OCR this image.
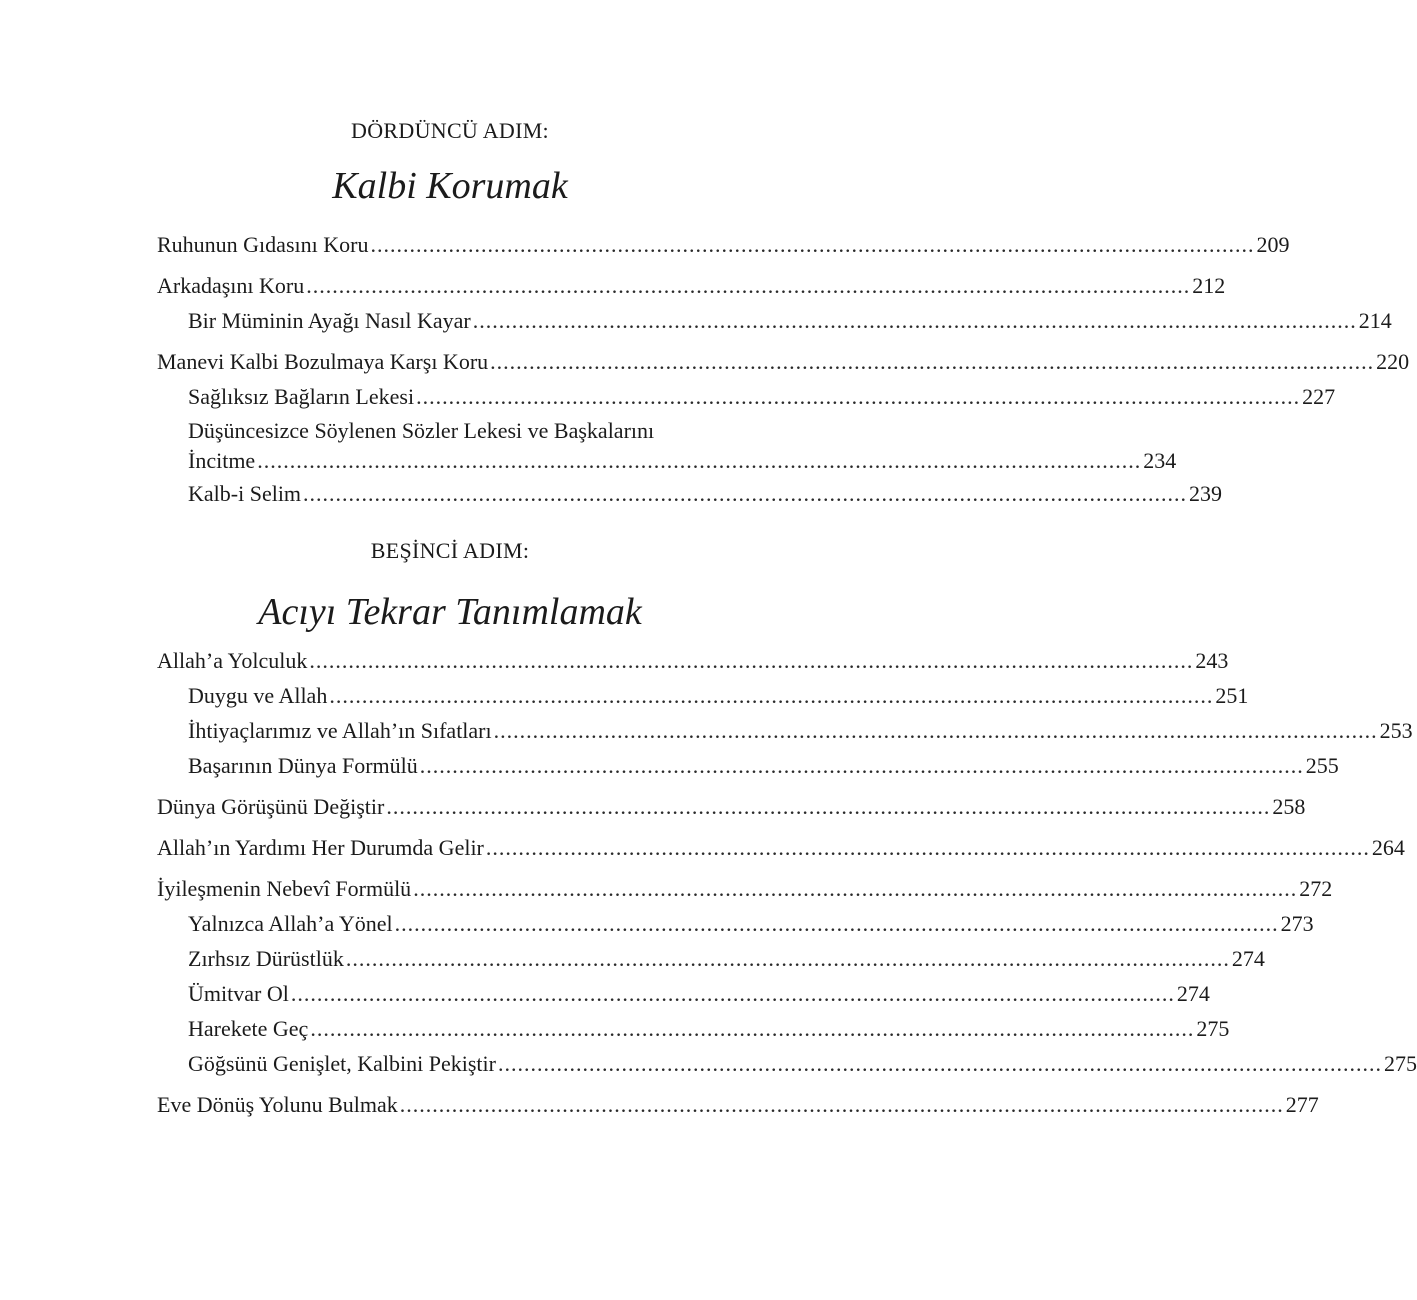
DÖRDÜNCÜ ADIM:
Kalbi Korumak
Ruhunun Gıdasını Koru ........................................................................................................................................ 209
Arkadaşını Koru ........................................................................................................................................ 212
Bir Müminin Ayağı Nasıl Kayar ........................................................................................................................................ 214
Manevi Kalbi Bozulmaya Karşı Koru ........................................................................................................................................ 220
Sağlıksız Bağların Lekesi ........................................................................................................................................ 227
Düşüncesizce Söylenen Sözler Lekesi ve Başkalarını
İncitme ........................................................................................................................................ 234
Kalb-i Selim ........................................................................................................................................ 239
BEŞİNCİ ADIM:
Acıyı Tekrar Tanımlamak
Allah’a Yolculuk ........................................................................................................................................ 243
Duygu ve Allah ........................................................................................................................................ 251
İhtiyaçlarımız ve Allah’ın Sıfatları ........................................................................................................................................ 253
Başarının Dünya Formülü ........................................................................................................................................ 255
Dünya Görüşünü Değiştir ........................................................................................................................................ 258
Allah’ın Yardımı Her Durumda Gelir ........................................................................................................................................ 264
İyileşmenin Nebevî Formülü ........................................................................................................................................ 272
Yalnızca Allah’a Yönel ........................................................................................................................................ 273
Zırhsız Dürüstlük ........................................................................................................................................ 274
Ümitvar Ol ........................................................................................................................................ 274
Harekete Geç ........................................................................................................................................ 275
Göğsünü Genişlet, Kalbini Pekiştir ........................................................................................................................................ 275
Eve Dönüş Yolunu Bulmak ........................................................................................................................................ 277
